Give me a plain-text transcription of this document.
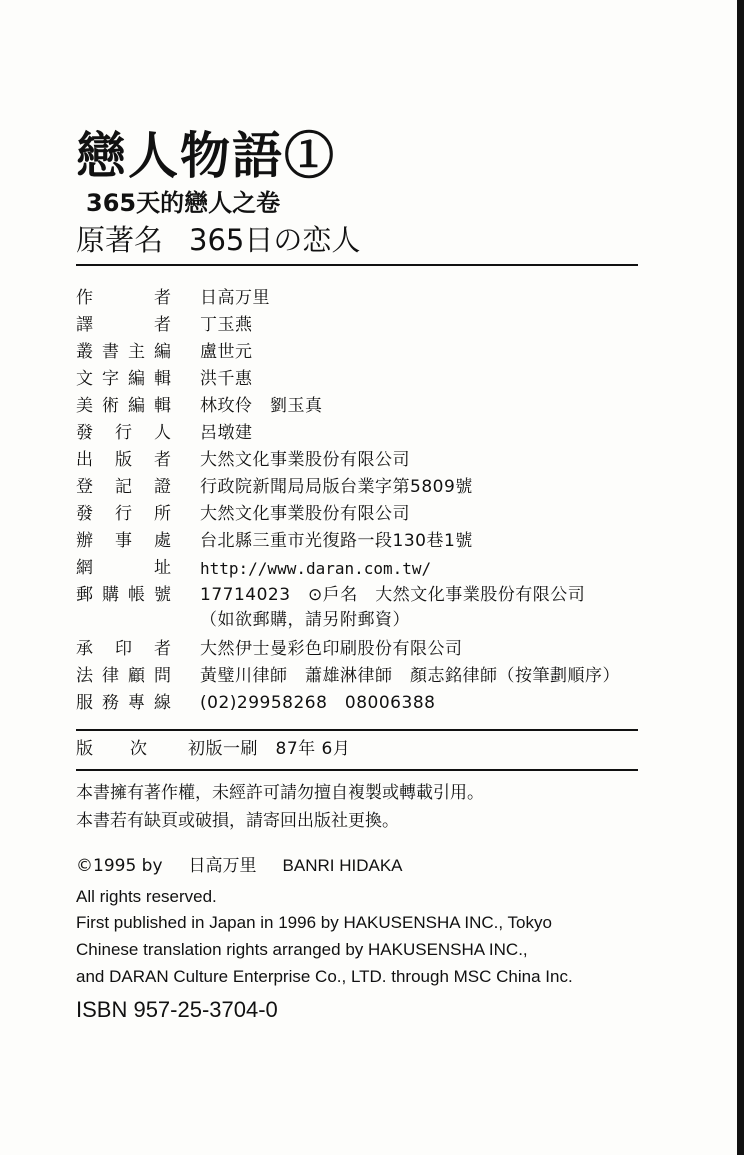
戀人物語①
365天的戀人之卷
原著名 365日の恋人
作者 日高万里
譯者 丁玉燕
叢書主編 盧世元
文字編輯 洪千惠
美術編輯 林玫伶　劉玉真
發行人 呂墩建
出版者 大然文化事業股份有限公司
登記證 行政院新聞局局版台業字第5809號
發行所 大然文化事業股份有限公司
辦事處 台北縣三重市光復路一段130巷1號
網址 http://www.daran.com.tw/
郵購帳號 17714023　⊙戶名　大然文化事業股份有限公司
（如欲郵購，請另附郵資）
承印者 大然伊士曼彩色印刷股份有限公司
法律顧問 黃璧川律師　蕭雄淋律師　顏志銘律師（按筆劃順序）
服務專線 (02)29958268　08006388
版次 初版一刷　87年 6月
本書擁有著作權，未經許可請勿擅自複製或轉載引用。
本書若有缺頁或破損，請寄回出版社更換。
©1995 by 日高万里 BANRI HIDAKA
All rights reserved.
First published in Japan in 1996 by HAKUSENSHA INC., Tokyo
Chinese translation rights arranged by HAKUSENSHA INC.,
and DARAN Culture Enterprise Co., LTD. through MSC China Inc.
ISBN 957-25-3704-0
